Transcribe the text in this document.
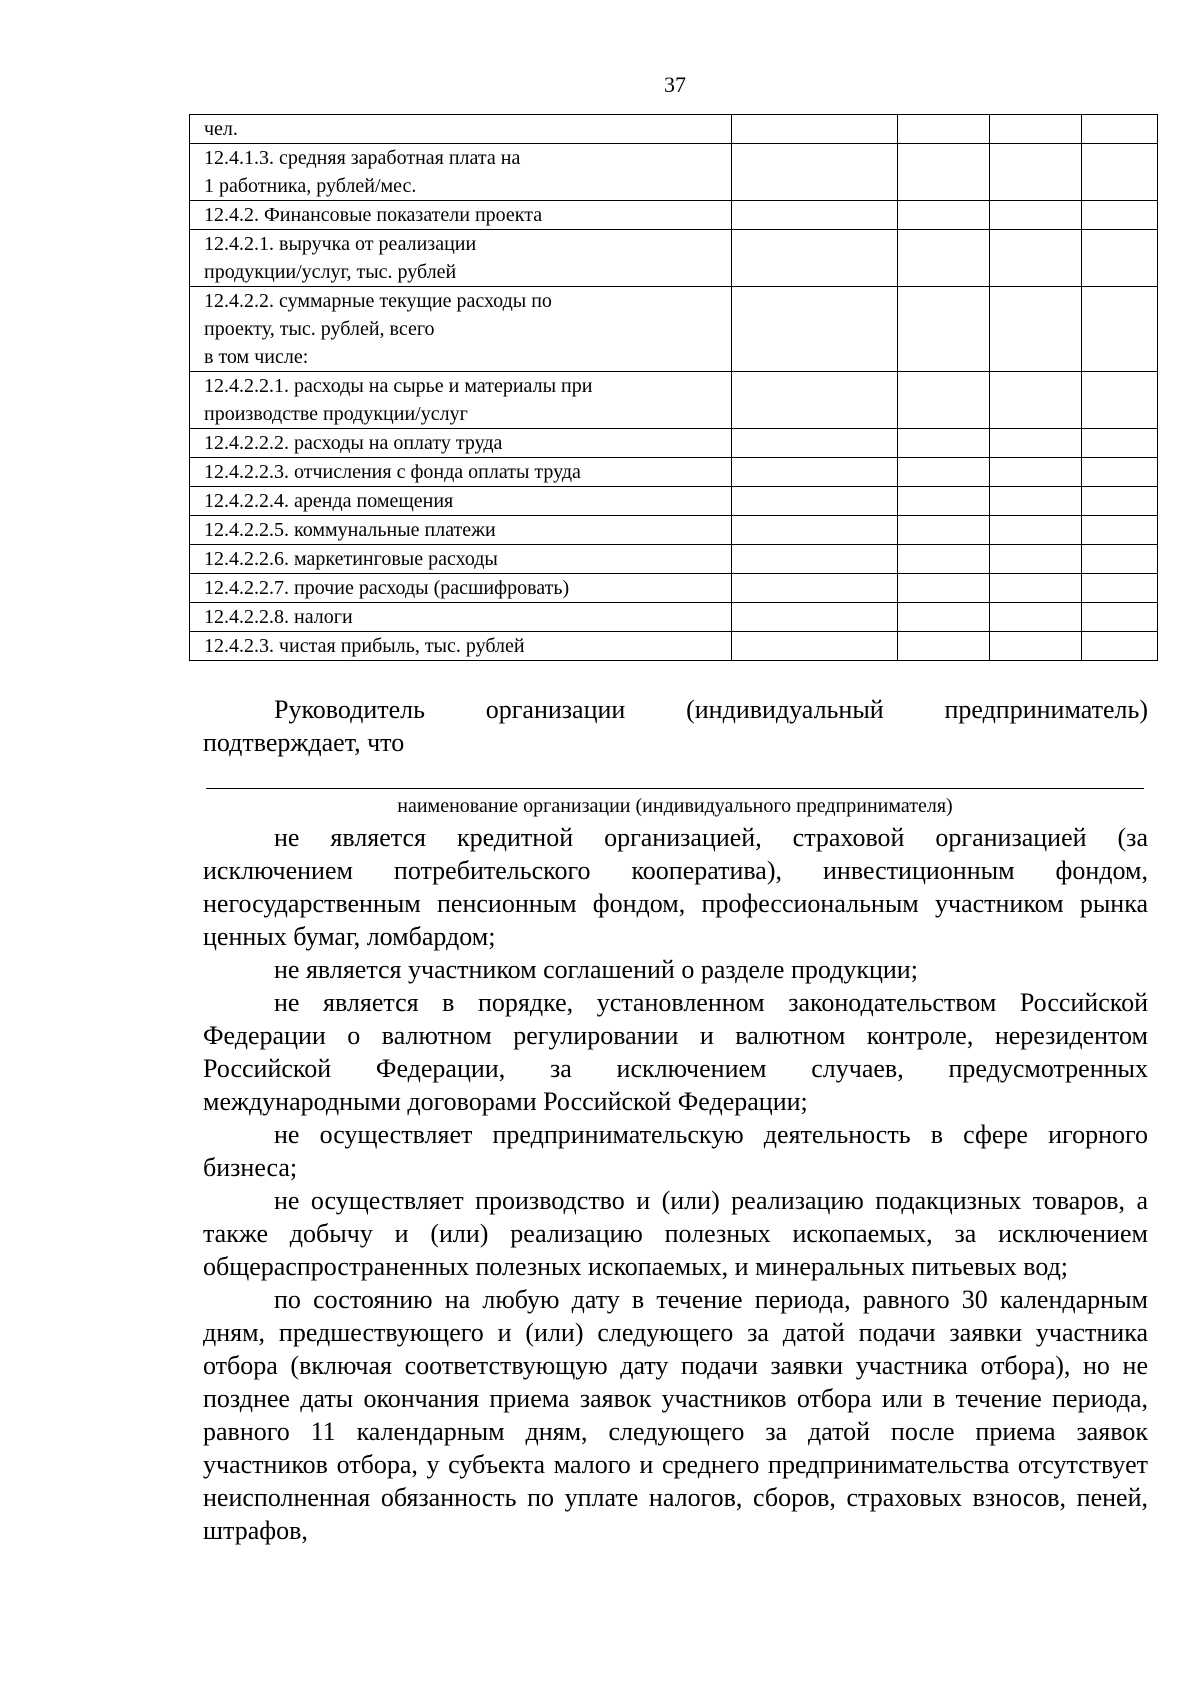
37
чел.				
12.4.1.3. средняя заработная плата на
1 работника, рублей/мес.				
12.4.2. Финансовые показатели проекта				
12.4.2.1. выручка от реализации
продукции/услуг, тыс. рублей				
12.4.2.2. суммарные текущие расходы по
проекту, тыс. рублей, всего
в том числе:				
12.4.2.2.1. расходы на сырье и материалы при
производстве продукции/услуг				
12.4.2.2.2. расходы на оплату труда				
12.4.2.2.3. отчисления с фонда оплаты труда				
12.4.2.2.4. аренда помещения				
12.4.2.2.5. коммунальные платежи				
12.4.2.2.6. маркетинговые расходы				
12.4.2.2.7. прочие расходы (расшифровать)				
12.4.2.2.8. налоги				
12.4.2.3. чистая прибыль, тыс. рублей				
Руководитель организации (индивидуальный предприниматель)
подтверждает, что
наименование организации (индивидуального предпринимателя)

не является кредитной организацией, страховой организацией (за исключением потребительского кооператива), инвестиционным фондом, негосударственным пенсионным фондом, профессиональным участником рынка ценных бумаг, ломбардом;

не является участником соглашений о разделе продукции;

не является в порядке, установленном законодательством Российской Федерации о валютном регулировании и валютном контроле, нерезидентом Российской Федерации, за исключением случаев, предусмотренных международными договорами Российской Федерации;

не осуществляет предпринимательскую деятельность в сфере игорного бизнеса;

не осуществляет производство и (или) реализацию подакцизных товаров, а также добычу и (или) реализацию полезных ископаемых, за исключением общераспространенных полезных ископаемых, и минеральных питьевых вод;

по состоянию на любую дату в течение периода, равного 30 календарным дням, предшествующего и (или) следующего за датой подачи заявки участника отбора (включая соответствующую дату подачи заявки участника отбора), но не позднее даты окончания приема заявок участников отбора или в течение периода, равного 11 календарным дням, следующего за датой после приема заявок участников отбора, у субъекта малого и среднего предпринимательства отсутствует неисполненная обязанность по уплате налогов, сборов, страховых взносов, пеней, штрафов,
